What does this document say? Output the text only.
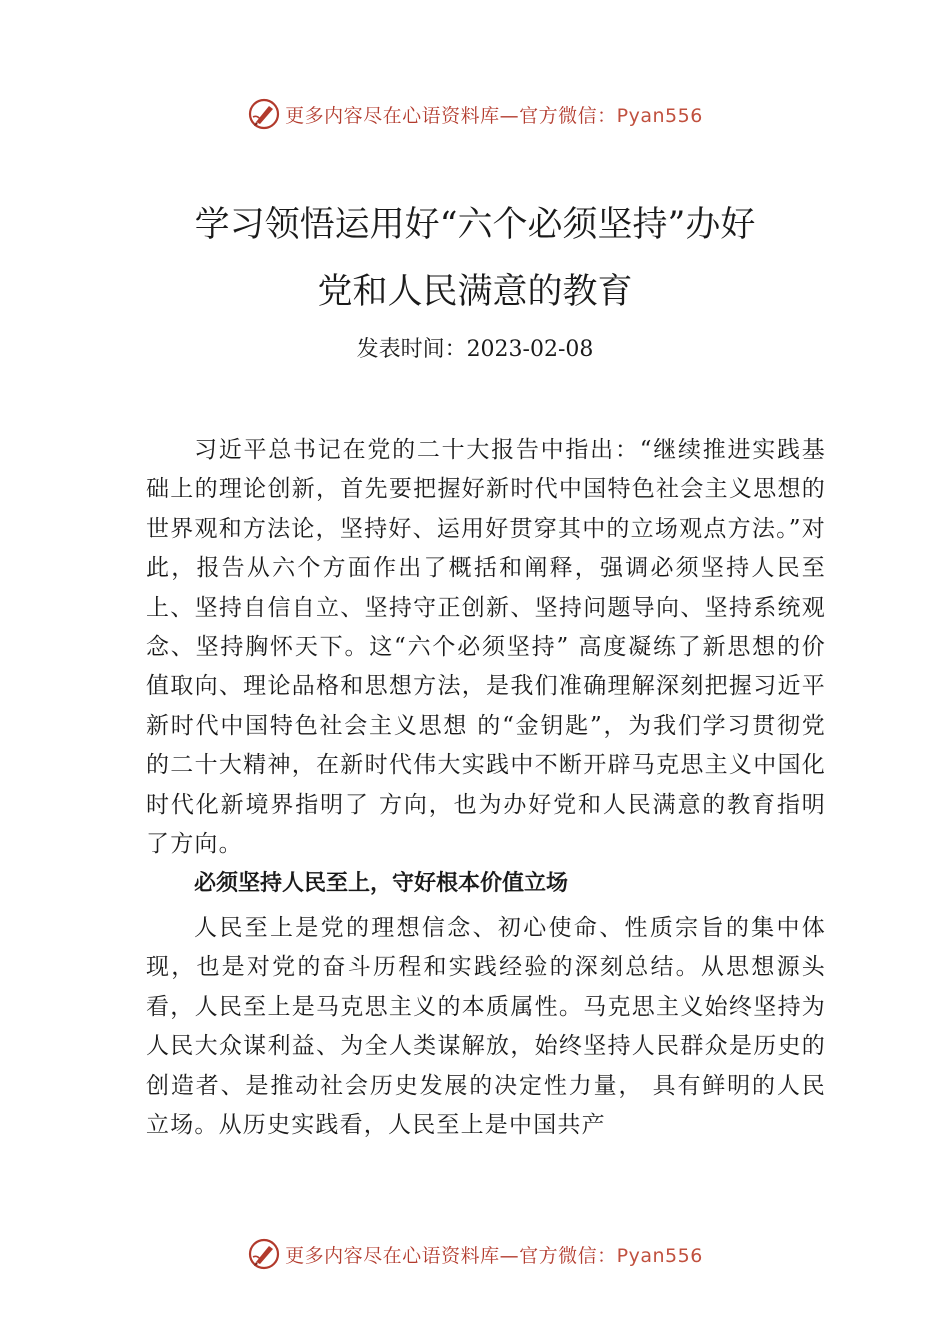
更多内容尽在心语资料库—官方微信：Pyan556
学习领悟运用好“六个必须坚持”办好
党和人民满意的教育
发表时间：2023-02-08

习近平总书记在党的二十大报告中指出：“继续推进实践基础上的理论创新，首先要把握好新时代中国特色社会主义思想的世界观和方法论，坚持好、运用好贯穿其中的立场观点方法。”对此，报告从六个方面作出了概括和阐释，强调必须坚持人民至上、坚持自信自立、坚持守正创新、坚持问题导向、坚持系统观念、坚持胸怀天下。这“六个必须坚持” 高度凝练了新思想的价值取向、理论品格和思想方法，是我们准确理解深刻把握习近平新时代中国特色社会主义思想 的“金钥匙”，为我们学习贯彻党的二十大精神，在新时代伟大实践中不断开辟马克思主义中国化时代化新境界指明了 方向，也为办好党和人民满意的教育指明了方向。

必须坚持人民至上，守好根本价值立场

人民至上是党的理想信念、初心使命、性质宗旨的集中体现，也是对党的奋斗历程和实践经验的深刻总结。从思想源头看，人民至上是马克思主义的本质属性。马克思主义始终坚持为人民大众谋利益、为全人类谋解放，始终坚持人民群众是历史的创造者、是推动社会历史发展的决定性力量， 具有鲜明的人民立场。从历史实践看，人民至上是中国共产

更多内容尽在心语资料库—官方微信：Pyan556
